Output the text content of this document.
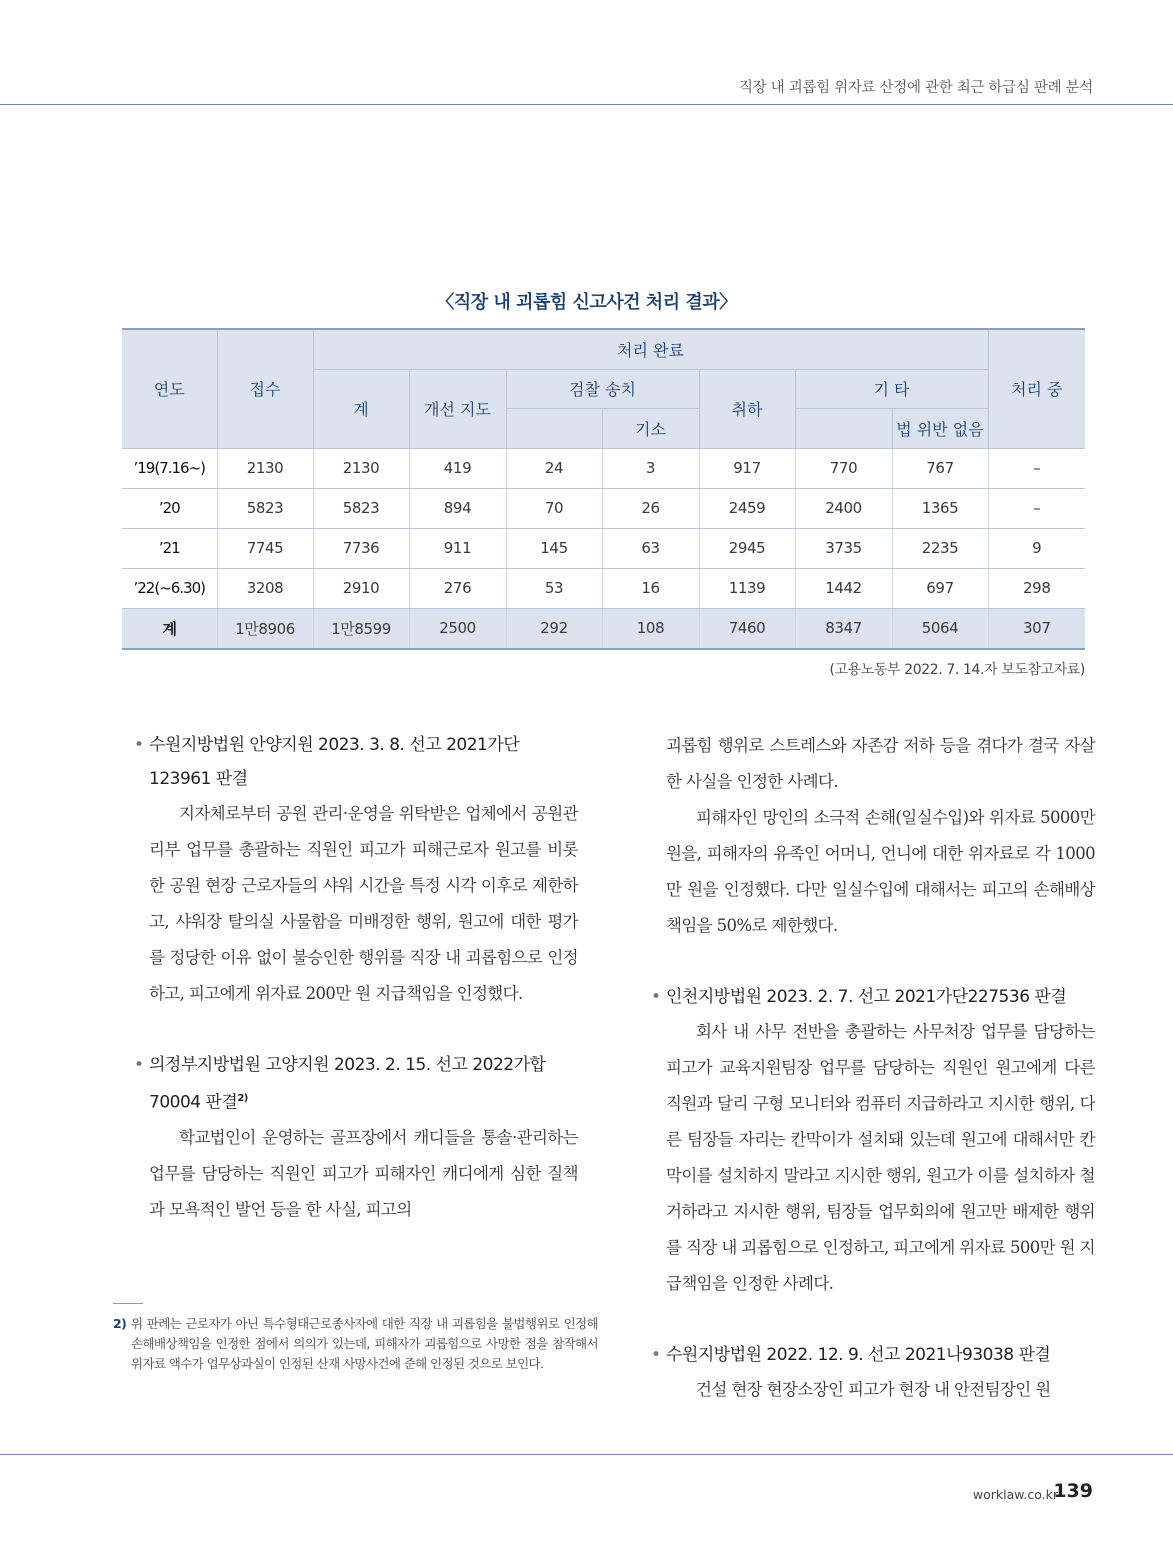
직장 내 괴롭힘 위자료 산정에 관한 최근 하급심 판례 분석
〈직장 내 괴롭힘 신고사건 처리 결과〉
연도	접수	처리 완료							처리 중
		계	개선 지도	검찰 송치		취하	기 타		
					기소			법 위반 없음	
’19(7.16~)	2130	2130	419	24	3	917	770	767	–
’20	5823	5823	894	70	26	2459	2400	1365	–
’21	7745	7736	911	145	63	2945	3735	2235	9
’22(~6.30)	3208	2910	276	53	16	1139	1442	697	298
계	1만8906	1만8599	2500	292	108	7460	8347	5064	307
(고용노동부 2022. 7. 14.자 보도참고자료)

• 수원지방법원 안양지원 2023. 3. 8. 선고 2021가단 123961 판결

지자체로부터 공원 관리·운영을 위탁받은 업체에서 공원관리부 업무를 총괄하는 직원인 피고가 피해근로자 원고를 비롯한 공원 현장 근로자들의 샤워 시간을 특정 시각 이후로 제한하고, 샤워장 탈의실 사물함을 미배정한 행위, 원고에 대한 평가를 정당한 이유 없이 불승인한 행위를 직장 내 괴롭힘으로 인정하고, 피고에게 위자료 200만 원 지급책임을 인정했다.

• 의정부지방법원 고양지원 2023. 2. 15. 선고 2022가합 70004 판결$^{2)}$

학교법인이 운영하는 골프장에서 캐디들을 통솔·관리하는 업무를 담당하는 직원인 피고가 피해자인 캐디에게 심한 질책과 모욕적인 발언 등을 한 사실, 피고의

괴롭힘 행위로 스트레스와 자존감 저하 등을 겪다가 결국 자살한 사실을 인정한 사례다.

피해자인 망인의 소극적 손해(일실수입)와 위자료 5000만 원을, 피해자의 유족인 어머니, 언니에 대한 위자료로 각 1000만 원을 인정했다. 다만 일실수입에 대해서는 피고의 손해배상 책임을 50%로 제한했다.

• 인천지방법원 2023. 2. 7. 선고 2021가단227536 판결

회사 내 사무 전반을 총괄하는 사무처장 업무를 담당하는 피고가 교육지원팀장 업무를 담당하는 직원인 원고에게 다른 직원과 달리 구형 모니터와 컴퓨터 지급하라고 지시한 행위, 다른 팀장들 자리는 칸막이가 설치돼 있는데 원고에 대해서만 칸막이를 설치하지 말라고 지시한 행위, 원고가 이를 설치하자 철거하라고 지시한 행위, 팀장들 업무회의에 원고만 배제한 행위를 직장 내 괴롭힘으로 인정하고, 피고에게 위자료 500만 원 지급책임을 인정한 사례다.

• 수원지방법원 2022. 12. 9. 선고 2021나93038 판결

건설 현장 현장소장인 피고가 현장 내 안전팀장인 원

2) 위 판례는 근로자가 아닌 특수형태근로종사자에 대한 직장 내 괴롭힘을 불법행위로 인정해 손해배상책임을 인정한 점에서 의의가 있는데, 피해자가 괴롭힘으로 사망한 점을 참작해서 위자료 액수가 업무상과실이 인정된 산재 사망사건에 준해 인정된 것으로 보인다.

worklaw.co.kr
139
